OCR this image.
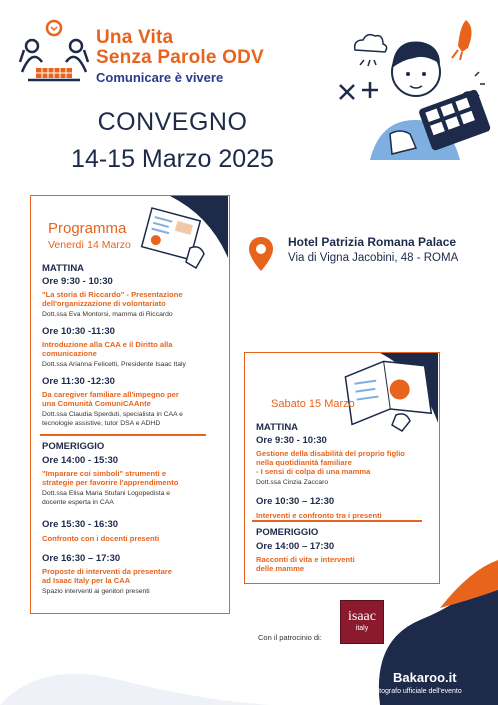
Una Vita
Senza Parole ODV
Comunicare è vivere
CONVEGNO
14-15 Marzo 2025
Hotel Patrizia Romana Palace
Via di Vigna Jacobini, 48 - ROMA
Programma
Venerdì 14 Marzo
MATTINA
Ore 9:30 - 10:30
"La storia di Riccardo" - Presentazione
dell'organizzazione di volontariato
Dott.ssa Eva Montorsi, mamma di Riccardo
Ore 10:30 -11:30
Introduzione alla CAA e il Diritto alla
comunicazione
Dott.ssa Arianna Felicetti, Presidente Isaac Italy
Ore 11:30 -12:30
Da caregiver familiare all'impegno per
una Comunità ComuniCAAnte
Dott.ssa Claudia Sperduti, specialista in CAA e
tecnologie assistive, tutor DSA e ADHD
POMERIGGIO
Ore 14:00 - 15:30
"Imparare coi simboli" strumenti e
strategie per favorire l'apprendimento
Dott.ssa Elisa Maria Stufani Logopedista e
docente esperta in CAA
Ore 15:30 - 16:30
Confronto con i docenti presenti
Ore 16:30 – 17:30
Proposte di interventi da presentare
ad Isaac Italy per la CAA
Spazio interventi ai genitori presenti
Sabato 15 Marzo
MATTINA
Ore 9:30 - 10:30
Gestione della disabilità del proprio figlio
nella quotidianità familiare
- I sensi di colpa di una mamma
Dott.ssa Cinzia Zaccaro
Ore 10:30 – 12:30
Interventi e confronto tra i presenti
POMERIGGIO
Ore 14:00 – 17:30
Racconti di vita e interventi
delle mamme
Con il patrocinio di:
isaac
italy
Bakaroo.it
Fotografo ufficiale dell'evento
